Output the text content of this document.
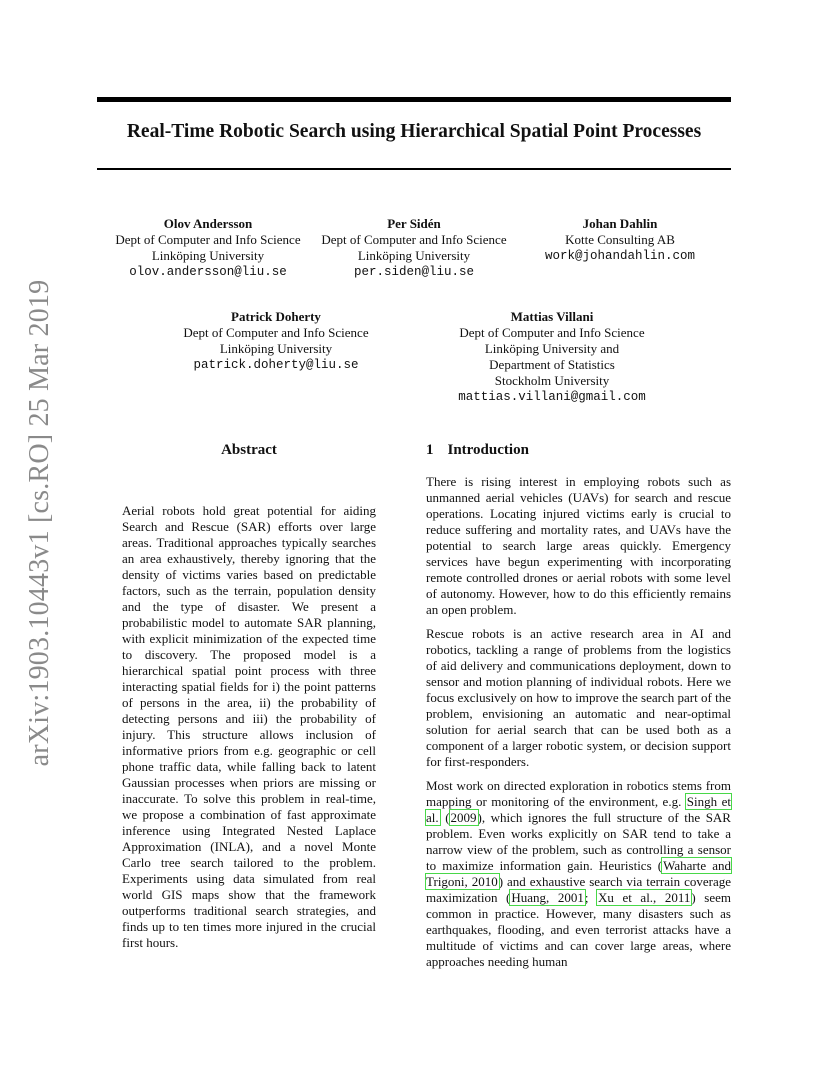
arXiv:1903.10443v1 [cs.RO] 25 Mar 2019
Real-Time Robotic Search using Hierarchical Spatial Point Processes
Olov Andersson
Dept of Computer and Info Science
Linköping University
olov.andersson@liu.se
Per Sidén
Dept of Computer and Info Science
Linköping University
per.siden@liu.se
Johan Dahlin
Kotte Consulting AB
work@johandahlin.com
Patrick Doherty
Dept of Computer and Info Science
Linköping University
patrick.doherty@liu.se
Mattias Villani
Dept of Computer and Info Science
Linköping University and
Department of Statistics
Stockholm University
mattias.villani@gmail.com
Abstract
Aerial robots hold great potential for aiding Search and Rescue (SAR) efforts over large areas. Traditional approaches typically searches an area exhaustively, thereby ignoring that the density of victims varies based on predictable factors, such as the terrain, population density and the type of disaster. We present a probabilistic model to automate SAR planning, with explicit minimization of the expected time to discovery. The proposed model is a hierarchical spatial point process with three interacting spatial fields for i) the point patterns of persons in the area, ii) the probability of detecting persons and iii) the probability of injury. This structure allows inclusion of informative priors from e.g. geographic or cell phone traffic data, while falling back to latent Gaussian processes when priors are missing or inaccurate. To solve this problem in real-time, we propose a combination of fast approximate inference using Integrated Nested Laplace Approximation (INLA), and a novel Monte Carlo tree search tailored to the problem. Experiments using data simulated from real world GIS maps show that the framework outperforms traditional search strategies, and finds up to ten times more injured in the crucial first hours.
1 Introduction

There is rising interest in employing robots such as unmanned aerial vehicles (UAVs) for search and rescue operations. Locating injured victims early is crucial to reduce suffering and mortality rates, and UAVs have the potential to search large areas quickly. Emergency services have begun experimenting with incorporating remote controlled drones or aerial robots with some level of autonomy. However, how to do this efficiently remains an open problem.

Rescue robots is an active research area in AI and robotics, tackling a range of problems from the logistics of aid delivery and communications deployment, down to sensor and motion planning of individual robots. Here we focus exclusively on how to improve the search part of the problem, envisioning an automatic and near-optimal solution for aerial search that can be used both as a component of a larger robotic system, or decision support for first-responders.

Most work on directed exploration in robotics stems from mapping or monitoring of the environment, e.g. Singh et al. (2009), which ignores the full structure of the SAR problem. Even works explicitly on SAR tend to take a narrow view of the problem, such as controlling a sensor to maximize information gain. Heuristics (Waharte and Trigoni, 2010) and exhaustive search via terrain coverage maximization (Huang, 2001; Xu et al., 2011) seem common in practice. However, many disasters such as earthquakes, flooding, and even terrorist attacks have a multitude of victims and can cover large areas, where approaches needing human
